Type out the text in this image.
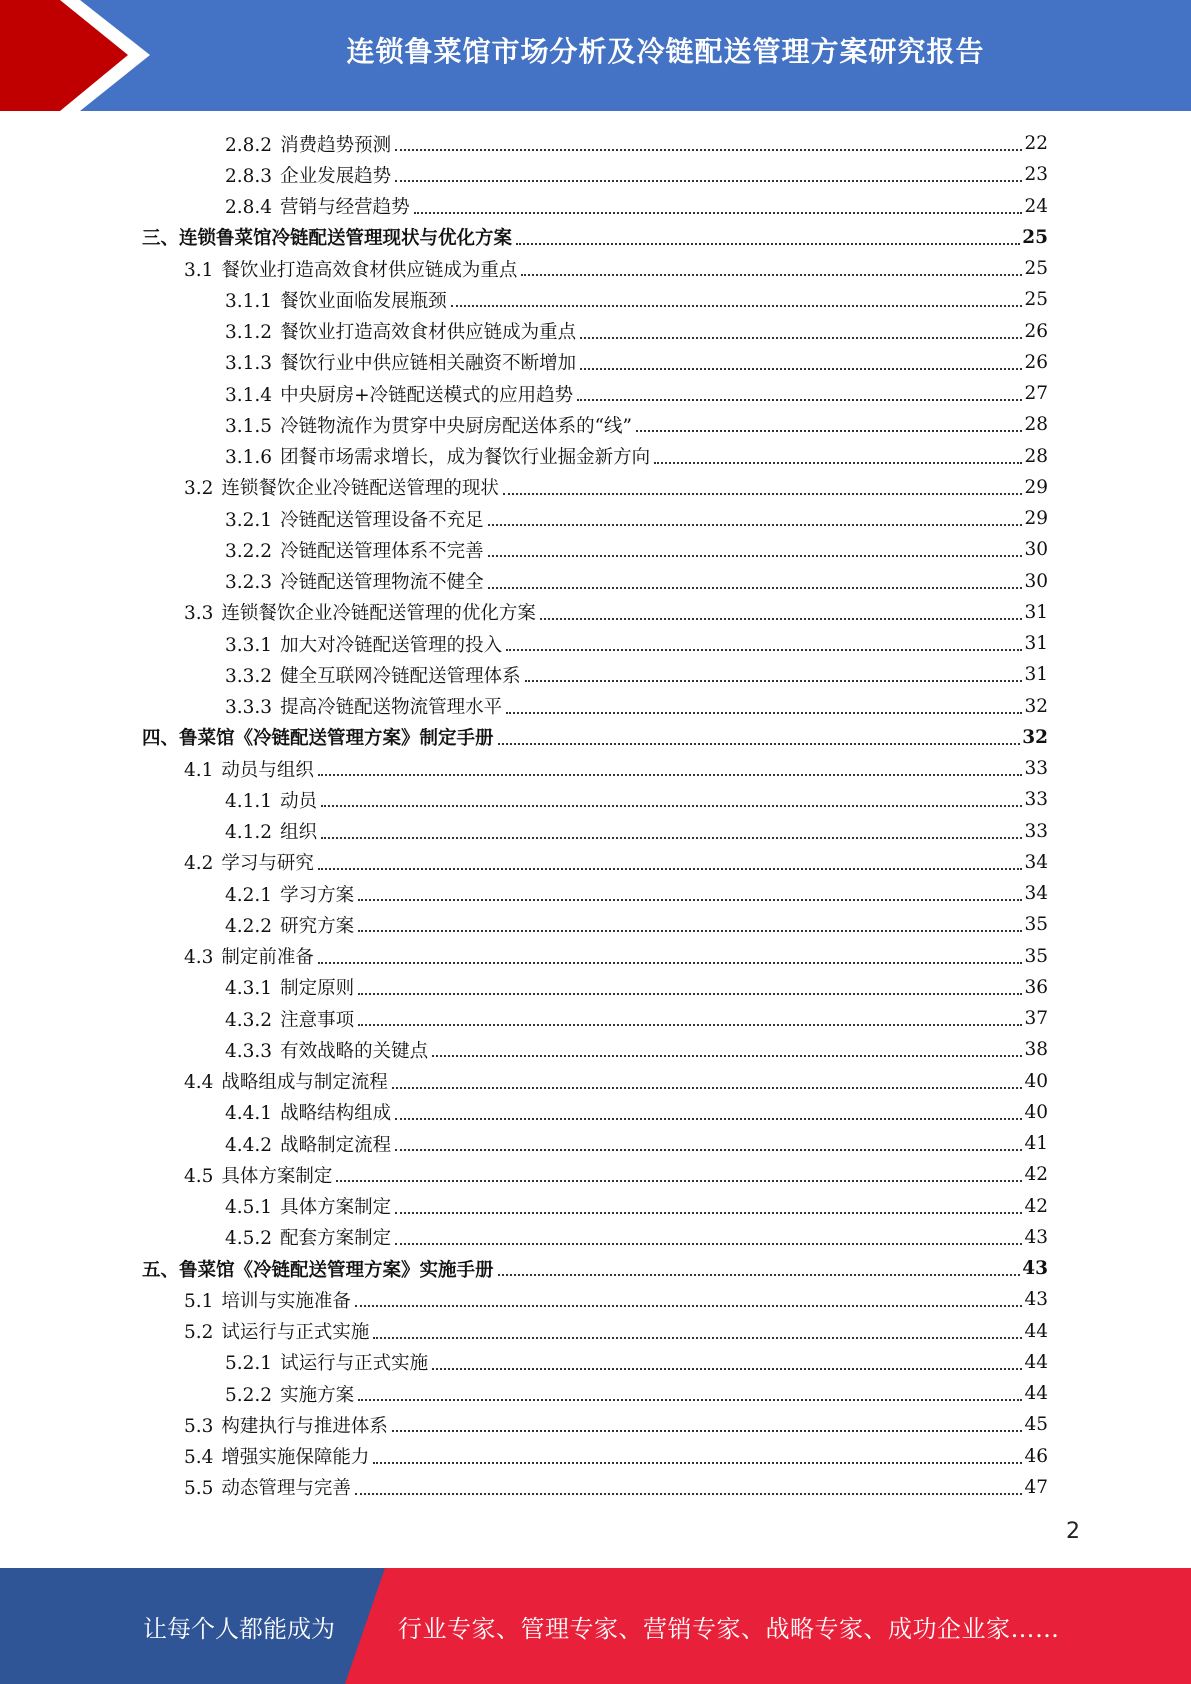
连锁鲁菜馆市场分析及冷链配送管理方案研究报告
2.8.2 消费趋势预测	22
2.8.3 企业发展趋势	23
2.8.4 营销与经营趋势	24
三、连锁鲁菜馆冷链配送管理现状与优化方案	25
3.1 餐饮业打造高效食材供应链成为重点	25
3.1.1 餐饮业面临发展瓶颈	25
3.1.2 餐饮业打造高效食材供应链成为重点	26
3.1.3 餐饮行业中供应链相关融资不断增加	26
3.1.4 中央厨房+冷链配送模式的应用趋势	27
3.1.5 冷链物流作为贯穿中央厨房配送体系的“线”	28
3.1.6 团餐市场需求增长，成为餐饮行业掘金新方向	28
3.2 连锁餐饮企业冷链配送管理的现状	29
3.2.1 冷链配送管理设备不充足	29
3.2.2 冷链配送管理体系不完善	30
3.2.3 冷链配送管理物流不健全	30
3.3 连锁餐饮企业冷链配送管理的优化方案	31
3.3.1 加大对冷链配送管理的投入	31
3.3.2 健全互联网冷链配送管理体系	31
3.3.3 提高冷链配送物流管理水平	32
四、鲁菜馆《冷链配送管理方案》制定手册	32
4.1 动员与组织	33
4.1.1 动员	33
4.1.2 组织	33
4.2 学习与研究	34
4.2.1 学习方案	34
4.2.2 研究方案	35
4.3 制定前准备	35
4.3.1 制定原则	36
4.3.2 注意事项	37
4.3.3 有效战略的关键点	38
4.4 战略组成与制定流程	40
4.4.1 战略结构组成	40
4.4.2 战略制定流程	41
4.5 具体方案制定	42
4.5.1 具体方案制定	42
4.5.2 配套方案制定	43
五、鲁菜馆《冷链配送管理方案》实施手册	43
5.1 培训与实施准备	43
5.2 试运行与正式实施	44
5.2.1 试运行与正式实施	44
5.2.2 实施方案	44
5.3 构建执行与推进体系	45
5.4 增强实施保障能力	46
5.5 动态管理与完善	47
2
让每个人都能成为	行业专家、管理专家、营销专家、战略专家、成功企业家……
